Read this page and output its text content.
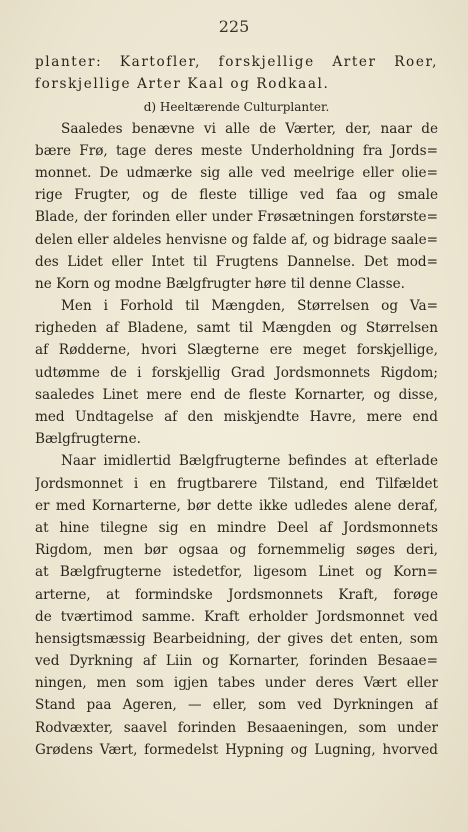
225
planter: Kartofler, forskjellige Arter Roer,
forskjellige Arter Kaal og Rodkaal.
d) Heeltærende Culturplanter.
Saaledes benævne vi alle de Værter, der, naar de
bære Frø, tage deres meste Underholdning fra Jords=
monnet. De udmærke sig alle ved meelrige eller olie=
rige Frugter, og de fleste tillige ved faa og smale
Blade, der forinden eller under Frøsætningen forstørste=
delen eller aldeles henvisne og falde af, og bidrage saale=
des Lidet eller Intet til Frugtens Dannelse. Det mod=
ne Korn og modne Bælgfrugter høre til denne Classe.
Men i Forhold til Mængden, Størrelsen og Va=
righeden af Bladene, samt til Mængden og Størrelsen
af Rødderne, hvori Slægterne ere meget forskjellige,
udtømme de i forskjellig Grad Jordsmonnets Rigdom;
saaledes Linet mere end de fleste Kornarter, og disse,
med Undtagelse af den miskjendte Havre, mere end
Bælgfrugterne.
Naar imidlertid Bælgfrugterne befindes at efterlade
Jordsmonnet i en frugtbarere Tilstand, end Tilfældet
er med Kornarterne, bør dette ikke udledes alene deraf,
at hine tilegne sig en mindre Deel af Jordsmonnets
Rigdom, men bør ogsaa og fornemmelig søges deri,
at Bælgfrugterne istedetfor, ligesom Linet og Korn=
arterne, at formindske Jordsmonnets Kraft, forøge
de tværtimod samme. Kraft erholder Jordsmonnet ved
hensigtsmæssig Bearbeidning, der gives det enten, som
ved Dyrkning af Liin og Kornarter, forinden Besaae=
ningen, men som igjen tabes under deres Vært eller
Stand paa Ageren, — eller, som ved Dyrkningen af
Rodvæxter, saavel forinden Besaaeningen, som under
Grødens Vært, formedelst Hypning og Lugning, hvorved
